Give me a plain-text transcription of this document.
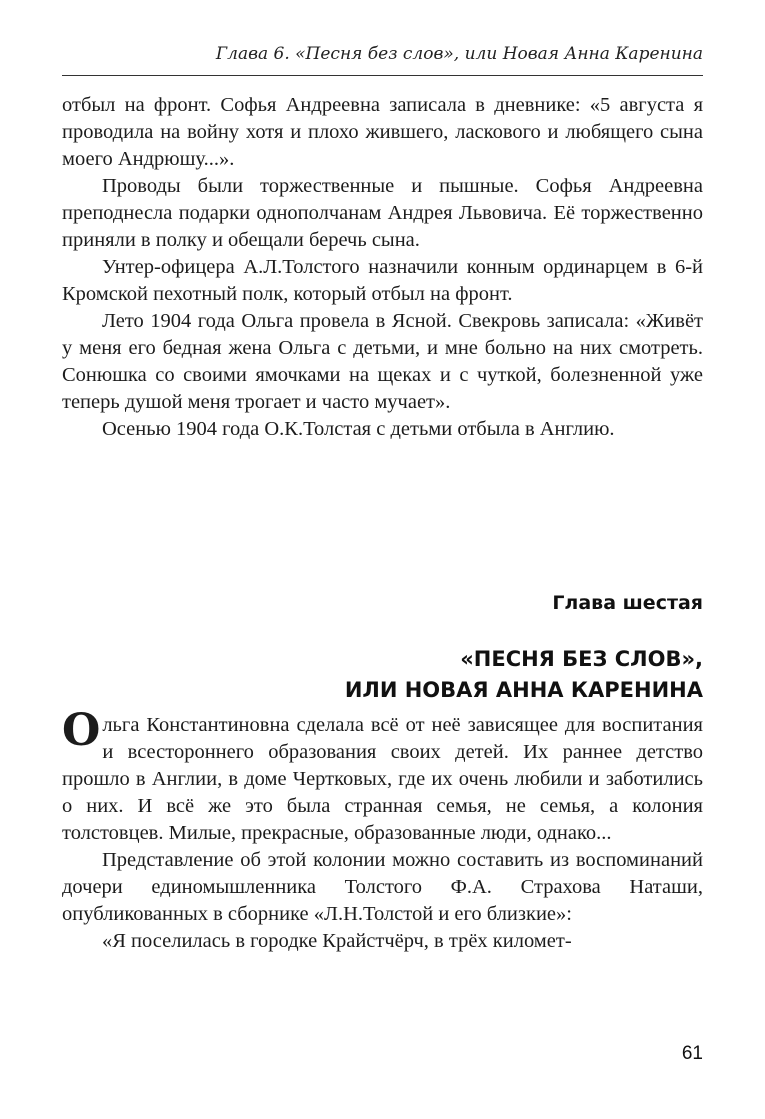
Глава 6. «Песня без слов», или Новая Анна Каренина

отбыл на фронт. Софья Андреевна записала в дневнике: «5 августа я проводила на войну хотя и плохо жившего, ласкового и любящего сына моего Андрюшу...».

Проводы были торжественные и пышные. Софья Андреевна преподнесла подарки однополчанам Андрея Львовича. Её торжественно приняли в полку и обещали беречь сына.

Унтер-офицера А.Л.Толстого назначили конным ординарцем в 6-й Кромской пехотный полк, который отбыл на фронт.

Лето 1904 года Ольга провела в Ясной. Свекровь записала: «Живёт у меня его бедная жена Ольга с детьми, и мне больно на них смотреть. Сонюшка со своими ямочками на щеках и с чуткой, болезненной уже теперь душой меня трогает и часто мучает».

Осенью 1904 года О.К.Толстая с детьми отбыла в Англию.

Глава шестая
«ПЕСНЯ БЕЗ СЛОВ»,
ИЛИ НОВАЯ АННА КАРЕНИНА

Ольга Константиновна сделала всё от неё зависящее для воспитания и всестороннего образования своих детей. Их раннее детство прошло в Англии, в доме Чертковых, где их очень любили и заботились о них. И всё же это была странная семья, не семья, а колония толстовцев. Милые, прекрасные, образованные люди, однако...

Представление об этой колонии можно составить из воспоминаний дочери единомышленника Толстого Ф.А. Страхова Наташи, опубликованных в сборнике «Л.Н.Толстой и его близкие»:

«Я поселилась в городке Крайстчёрч, в трёх километ-

61
